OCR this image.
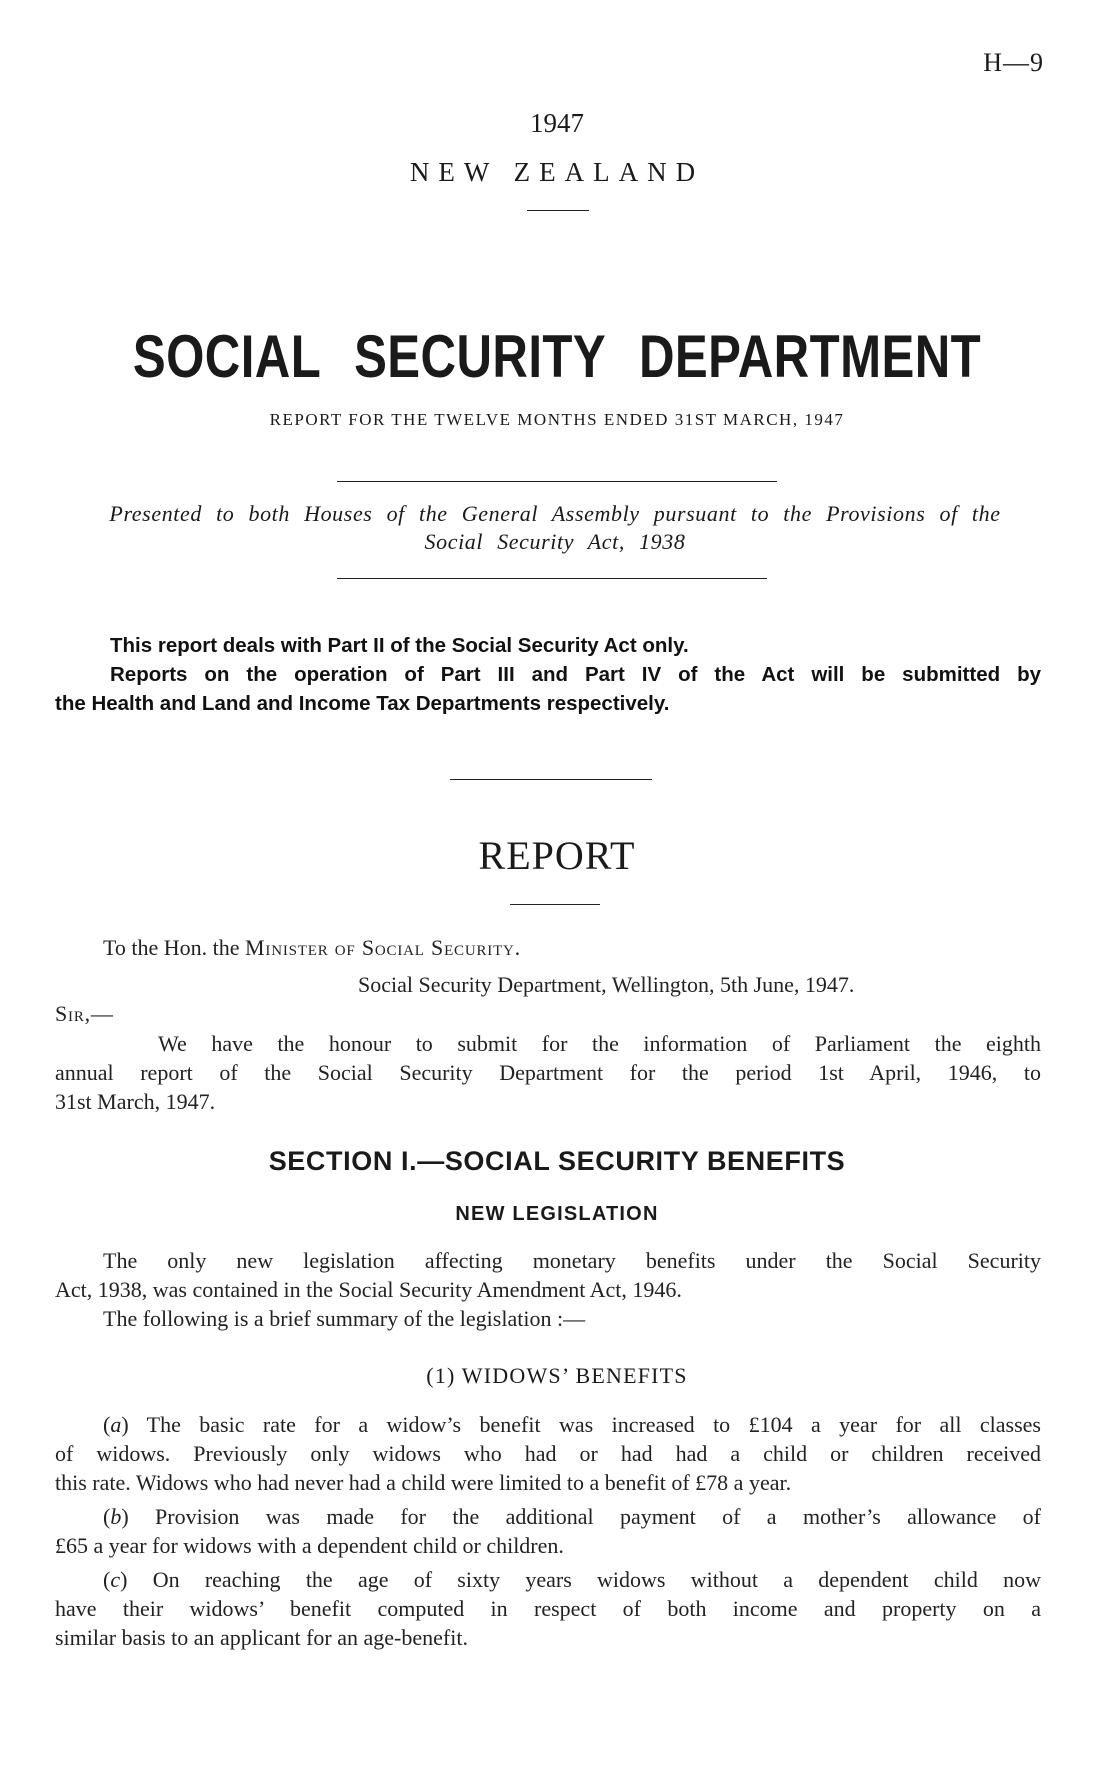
H—9
1947
NEW ZEALAND
SOCIAL SECURITY DEPARTMENT
REPORT FOR THE TWELVE MONTHS ENDED 31ST MARCH, 1947
Presented to both Houses of the General Assembly pursuant to the Provisions of the
Social Security Act, 1938
This report deals with Part II of the Social Security Act only.
Reports on the operation of Part III and Part IV of the Act will be submitted by
the Health and Land and Income Tax Departments respectively.
REPORT
To the Hon. the Minister of Social Security.
Social Security Department, Wellington, 5th June, 1947.
Sir,—
We have the honour to submit for the information of Parliament the eighth
annual report of the Social Security Department for the period 1st April, 1946, to
31st March, 1947.
SECTION I.—SOCIAL SECURITY BENEFITS
NEW LEGISLATION
The only new legislation affecting monetary benefits under the Social Security
Act, 1938, was contained in the Social Security Amendment Act, 1946.
The following is a brief summary of the legislation :—
(1) WIDOWS’ BENEFITS
(a) The basic rate for a widow’s benefit was increased to £104 a year for all classes
of widows. Previously only widows who had or had had a child or children received
this rate. Widows who had never had a child were limited to a benefit of £78 a year.
(b) Provision was made for the additional payment of a mother’s allowance of
£65 a year for widows with a dependent child or children.
(c) On reaching the age of sixty years widows without a dependent child now
have their widows’ benefit computed in respect of both income and property on a
similar basis to an applicant for an age-benefit.
